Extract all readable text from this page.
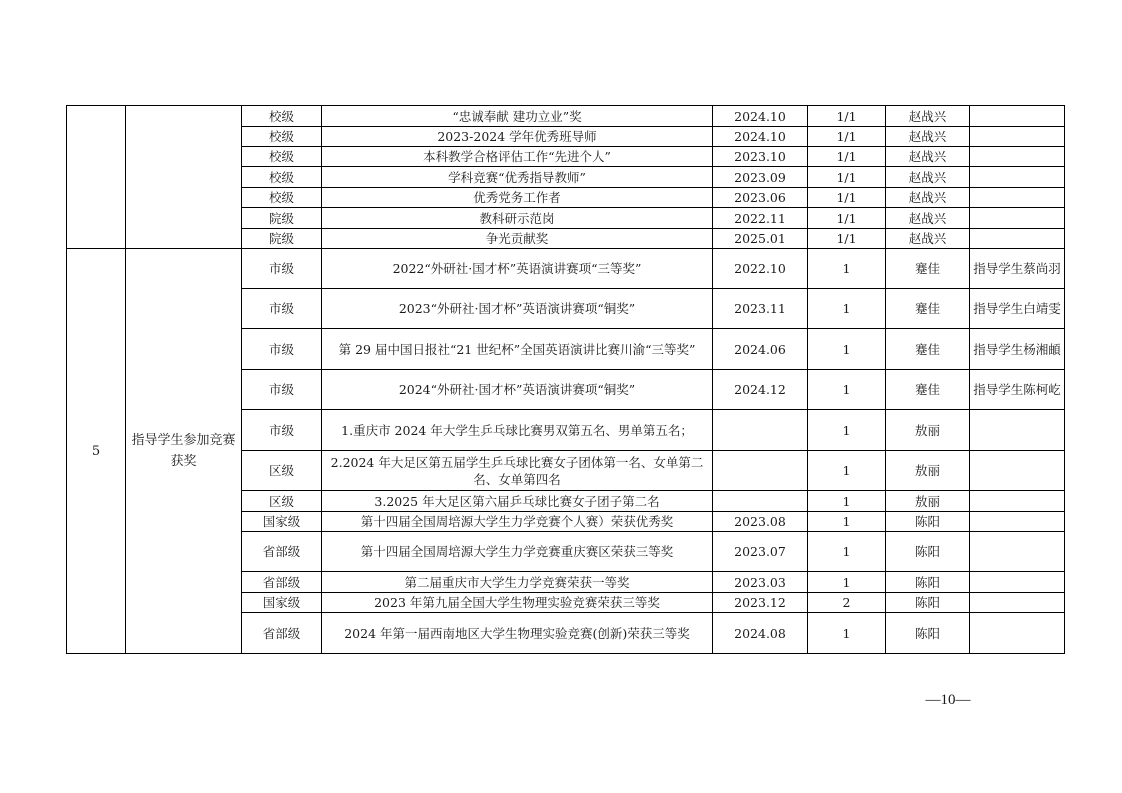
		校级	“忠诚奉献 建功立业”奖	2024.10	1/1	赵战兴	
		校级	2023-2024 学年优秀班导师	2024.10	1/1	赵战兴	
		校级	本科教学合格评估工作“先进个人”	2023.10	1/1	赵战兴	
		校级	学科竞赛“优秀指导教师”	2023.09	1/1	赵战兴	
		校级	优秀党务工作者	2023.06	1/1	赵战兴	
		院级	教科研示范岗	2022.11	1/1	赵战兴	
		院级	争光贡献奖	2025.01	1/1	赵战兴	
5	指导学生参加竞赛获奖	市级	2022“外研社·国才杯”英语演讲赛项“三等奖”	2022.10	1	蹇佳	指导学生蔡尚羽
		市级	2023“外研社·国才杯”英语演讲赛项“铜奖”	2023.11	1	蹇佳	指导学生白靖雯
		市级	第 29 届中国日报社“21 世纪杯”全国英语演讲比赛川渝“三等奖”	2024.06	1	蹇佳	指导学生杨湘頔
		市级	2024“外研社·国才杯”英语演讲赛项“铜奖”	2024.12	1	蹇佳	指导学生陈柯屹
		市级	1.重庆市 2024 年大学生乒乓球比赛男双第五名、男单第五名；		1	敖丽	
		区级	2.2024 年大足区第五届学生乒乓球比赛女子团体第一名、女单第二名、女单第四名		1	敖丽	
		区级	3.2025 年大足区第六届乒乓球比赛女子团子第二名		1	敖丽	
		国家级	第十四届全国周培源大学生力学竞赛个人赛）荣获优秀奖	2023.08	1	陈阳	
		省部级	第十四届全国周培源大学生力学竞赛重庆赛区荣获三等奖	2023.07	1	陈阳	
		省部级	第二届重庆市大学生力学竞赛荣获一等奖	2023.03	1	陈阳	
		国家级	2023 年第九届全国大学生物理实验竞赛荣获三等奖	2023.12	2	陈阳	
		省部级	2024 年第一届西南地区大学生物理实验竞赛(创新)荣获三等奖	2024.08	1	陈阳	
—10—
